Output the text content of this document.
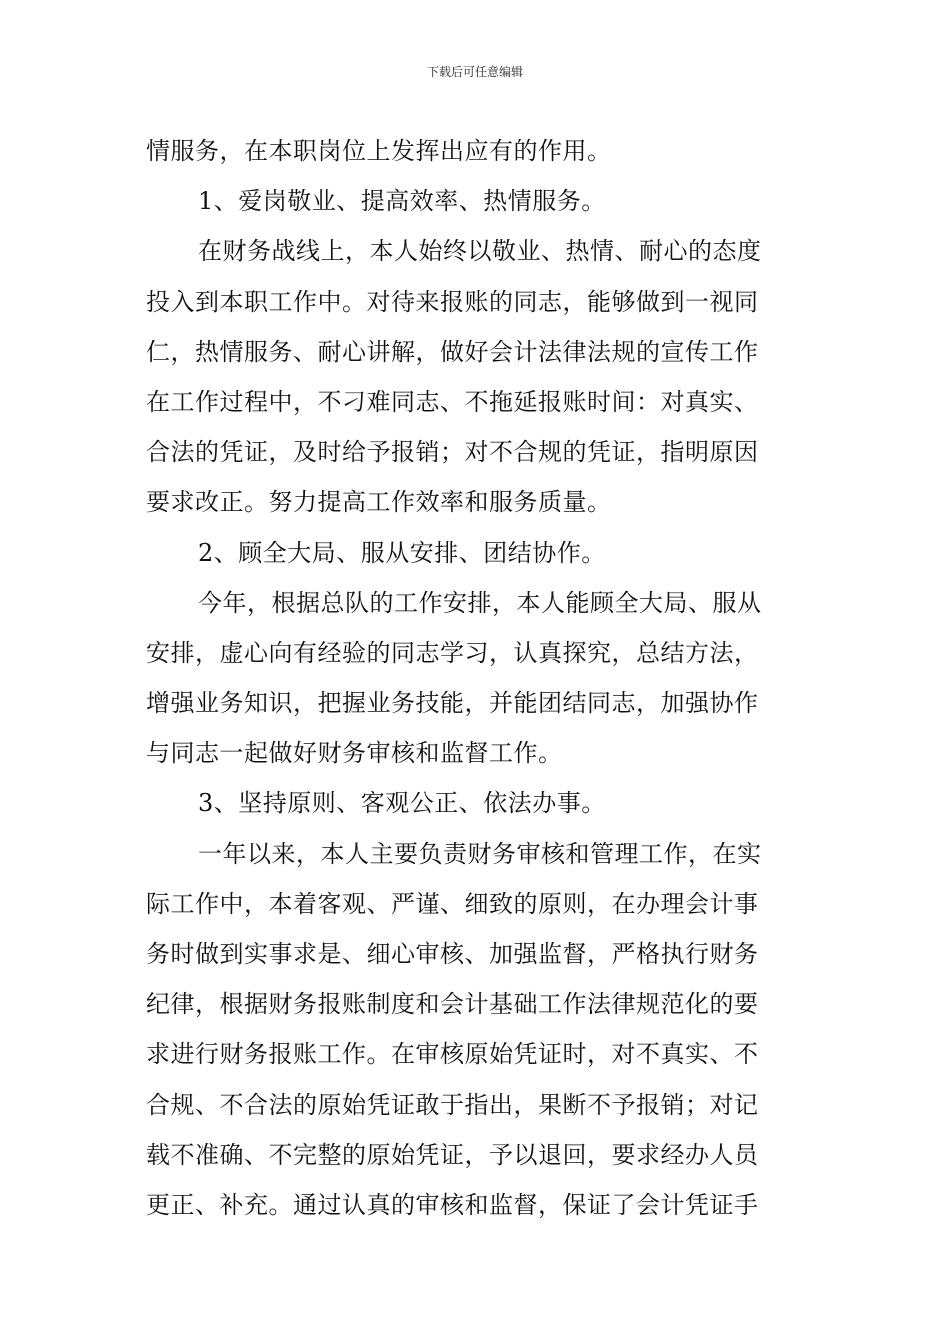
下载后可任意编辑
情服务，在本职岗位上发挥出应有的作用。
1、爱岗敬业、提高效率、热情服务。
在财务战线上，本人始终以敬业、热情、耐心的态度
投入到本职工作中。对待来报账的同志，能够做到一视同
仁，热情服务、耐心讲解，做好会计法律法规的宣传工作
在工作过程中，不刁难同志、不拖延报账时间：对真实、
合法的凭证，及时给予报销；对不合规的凭证，指明原因
要求改正。努力提高工作效率和服务质量。
2、顾全大局、服从安排、团结协作。
今年，根据总队的工作安排，本人能顾全大局、服从
安排，虚心向有经验的同志学习，认真探究，总结方法，
增强业务知识，把握业务技能，并能团结同志，加强协作
与同志一起做好财务审核和监督工作。
3、坚持原则、客观公正、依法办事。
一年以来，本人主要负责财务审核和管理工作，在实
际工作中，本着客观、严谨、细致的原则，在办理会计事
务时做到实事求是、细心审核、加强监督，严格执行财务
纪律，根据财务报账制度和会计基础工作法律规范化的要
求进行财务报账工作。在审核原始凭证时，对不真实、不
合规、不合法的原始凭证敢于指出，果断不予报销；对记
载不准确、不完整的原始凭证，予以退回，要求经办人员
更正、补充。通过认真的审核和监督，保证了会计凭证手
